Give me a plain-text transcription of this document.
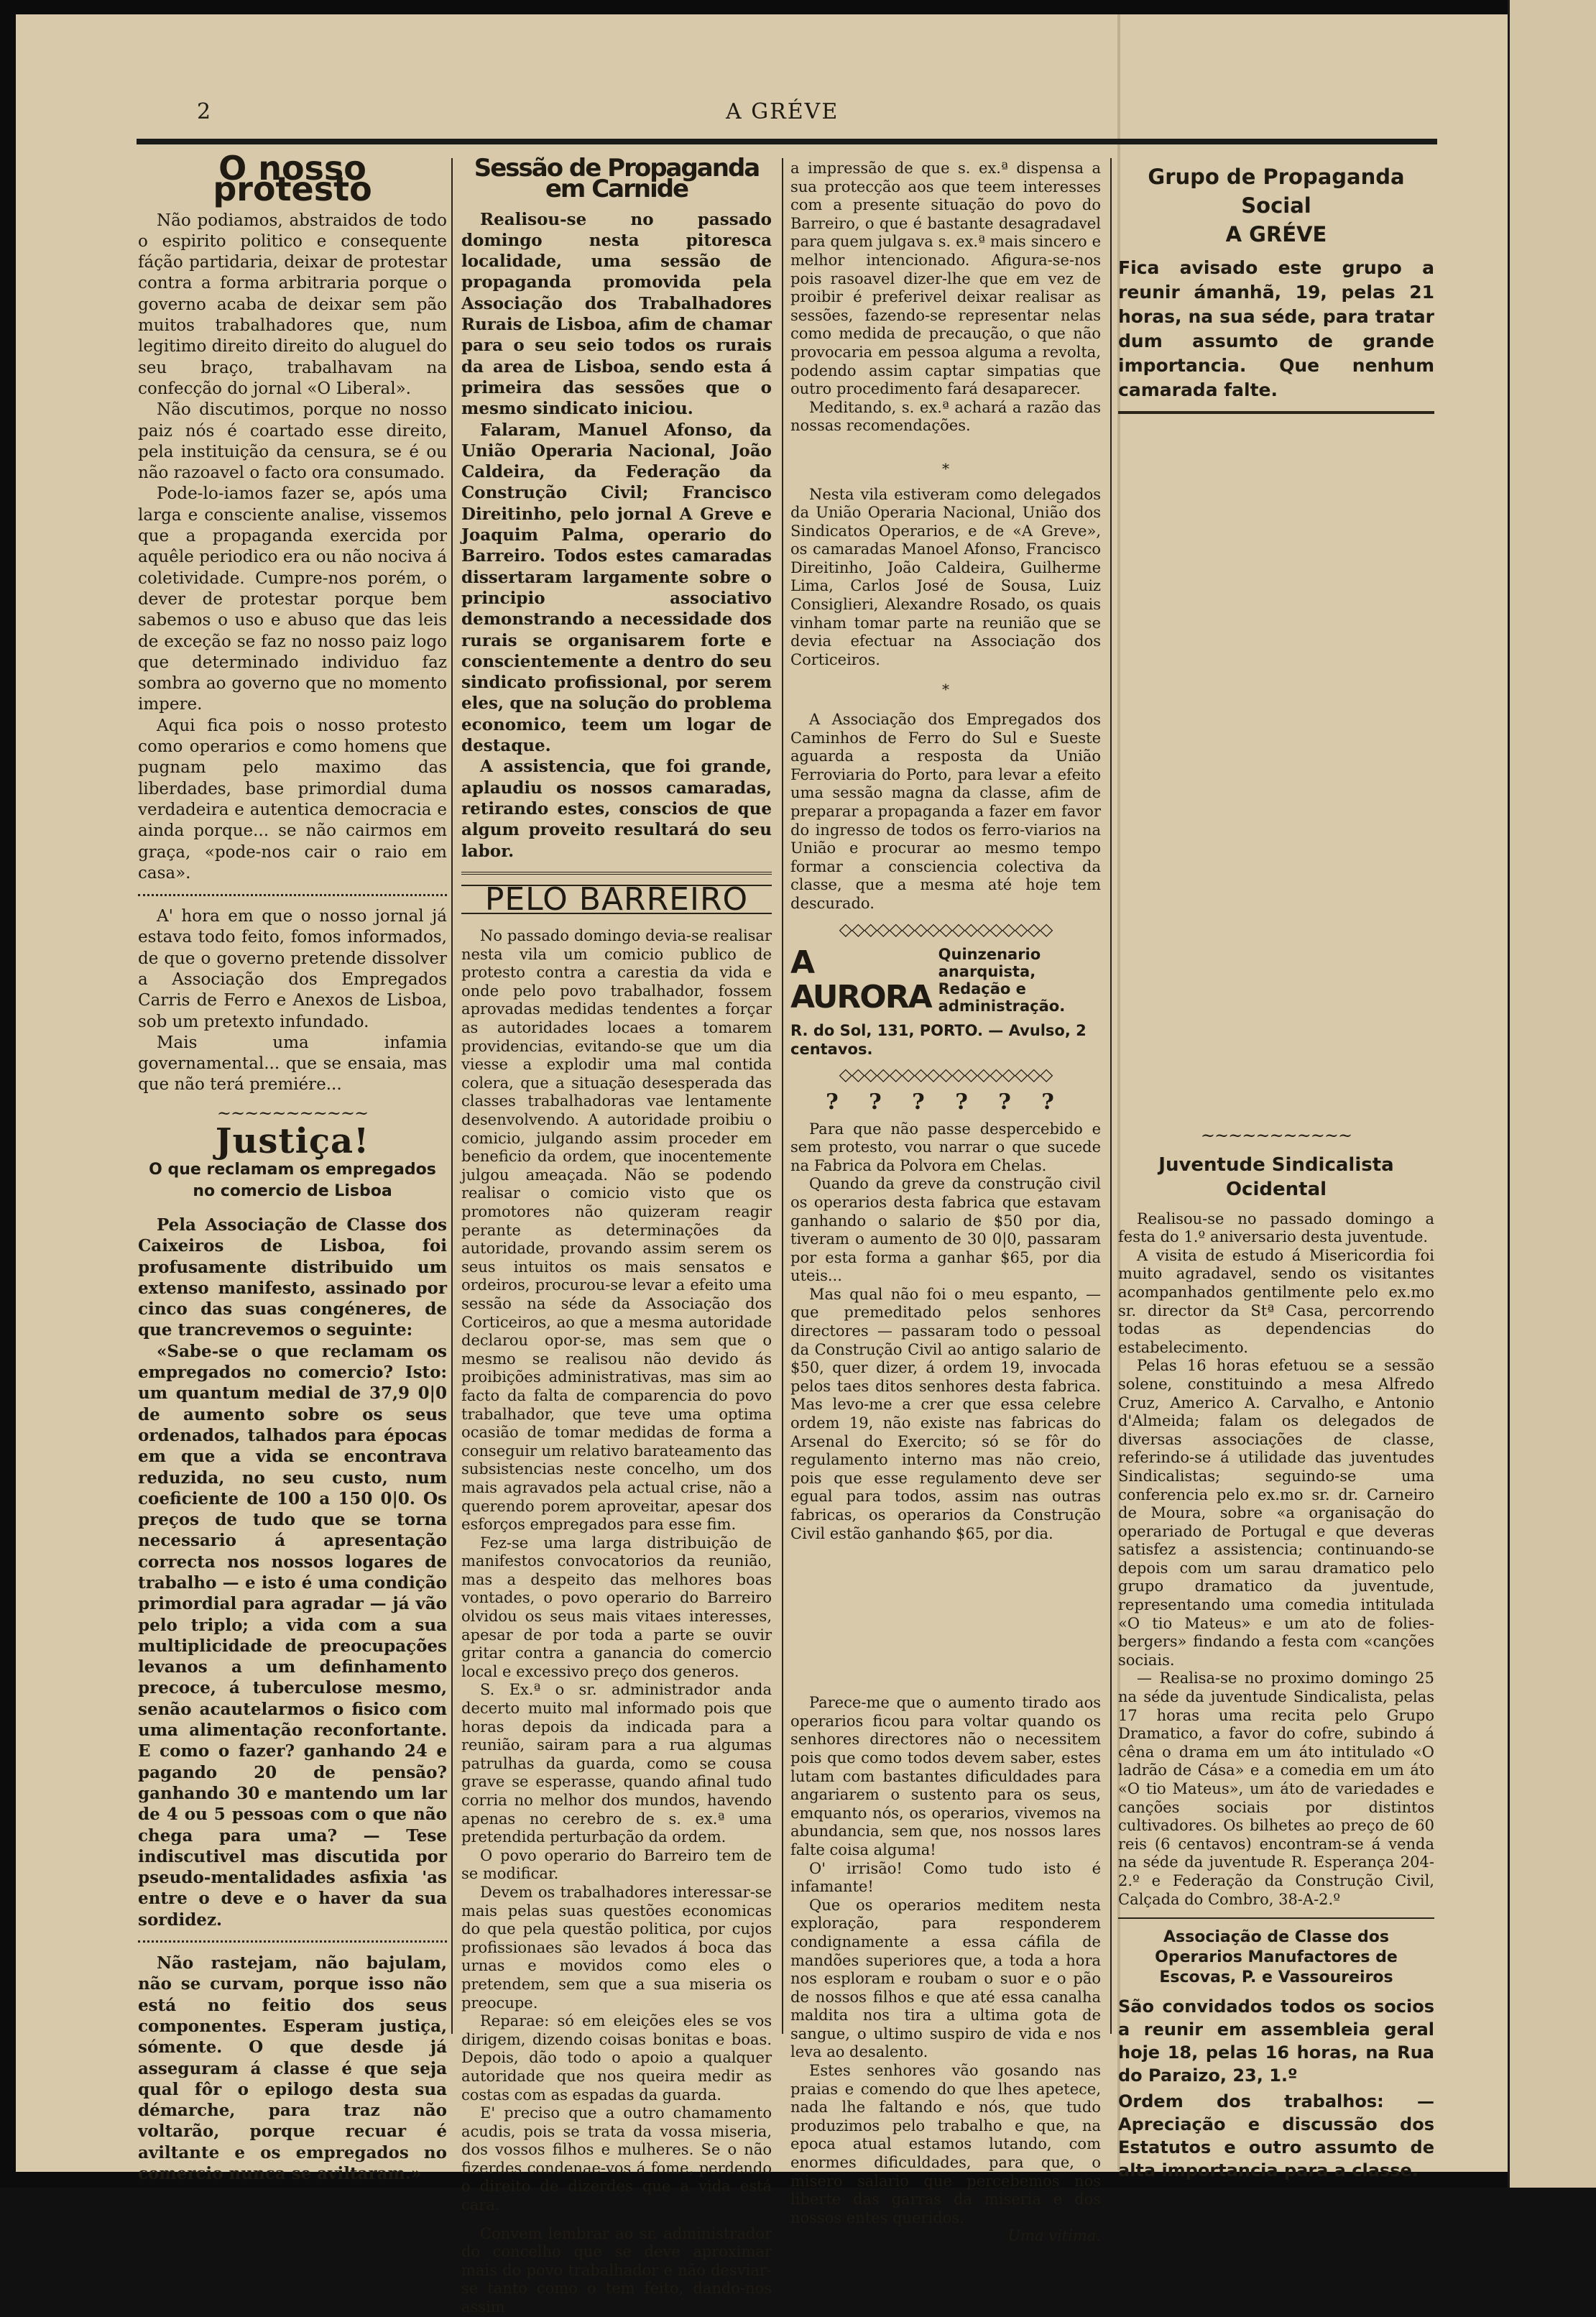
2	A GRÉVE
O nosso protesto

Não podiamos, abstraidos de todo o espirito politico e consequente fáção partidaria, deixar de protestar contra a forma arbitraria porque o governo acaba de deixar sem pão muitos trabalhadores que, num legitimo direito direito do aluguel do seu braço, trabalhavam na confecção do jornal «O Liberal».

Não discutimos, porque no nosso paiz nós é coartado esse direito, pela instituição da censura, se é ou não razoavel o facto ora consumado.

Pode-lo-iamos fazer se, após uma larga e consciente analise, vissemos que a propaganda exercida por aquêle periodico era ou não nociva á coletividade. Cumpre-nos porém, o dever de protestar porque bem sabemos o uso e abuso que das leis de exceção se faz no nosso paiz logo que determinado individuo faz sombra ao governo que no momento impere.

Aqui fica pois o nosso protesto como operarios e como homens que pugnam pelo maximo das liberdades, base primordial duma verdadeira e autentica democracia e ainda porque... se não cairmos em graça, «pode-nos cair o raio em casa».

A' hora em que o nosso jornal já estava todo feito, fomos informados, de que o governo pretende dissolver a Associação dos Empregados Carris de Ferro e Anexos de Lisboa, sob um pretexto infundado.

Mais uma infamia governamental... que se ensaia, mas que não terá premiére...

~~~~~~~~~~~
Justiça!
O que reclamam os empregados no comercio de Lisboa

Pela Associação de Classe dos Caixeiros de Lisboa, foi profusamente distribuido um extenso manifesto, assinado por cinco das suas congéneres, de que trancrevemos o seguinte:

«Sabe-se o que reclamam os empregados no comercio? Isto: um quantum medial de 37,9 0|0 de aumento sobre os seus ordenados, talhados para épocas em que a vida se encontrava reduzida, no seu custo, num coeficiente de 100 a 150 0|0. Os preços de tudo que se torna necessario á apresentação correcta nos nossos logares de trabalho — e isto é uma condição primordial para agradar — já vão pelo triplo; a vida com a sua multiplicidade de preocupações levanos a um definhamento precoce, á tuberculose mesmo, senão acautelarmos o fisico com uma alimentação reconfortante. E como o fazer? ganhando 24 e pagando 20 de pensão? ganhando 30 e mantendo um lar de 4 ou 5 pessoas com o que não chega para uma? — Tese indiscutivel mas discutida por pseudo-mentalidades asfixia 'as entre o deve e o haver da sua sordidez.

Não rastejam, não bajulam, não se curvam, porque isso não está no feitio dos seus componentes. Esperam justiça, sómente. O que desde já asseguram á classe é que seja qual fôr o epilogo desta sua démarche, para traz não voltarão, porque recuar é aviltante e os empregados no comercio nunca se aviltaram.»

Sessão de Propaganda em Carnide

Realisou-se no passado domingo nesta pitoresca localidade, uma sessão de propaganda promovida pela Associação dos Trabalhadores Rurais de Lisboa, afim de chamar para o seu seio todos os rurais da area de Lisboa, sendo esta á primeira das sessões que o mesmo sindicato iniciou.

Falaram, Manuel Afonso, da União Operaria Nacional, João Caldeira, da Federação da Construção Civil; Francisco Direitinho, pelo jornal A Greve e Joaquim Palma, operario do Barreiro. Todos estes camaradas dissertaram largamente sobre o principio associativo demonstrando a necessidade dos rurais se organisarem forte e conscientemente a dentro do seu sindicato profissional, por serem eles, que na solução do problema economico, teem um logar de destaque.

A assistencia, que foi grande, aplaudiu os nossos camaradas, retirando estes, conscios de que algum proveito resultará do seu labor.

PELO BARREIRO

No passado domingo devia-se realisar nesta vila um comicio publico de protesto contra a carestia da vida e onde pelo povo trabalhador, fossem aprovadas medidas tendentes a forçar as autoridades locaes a tomarem providencias, evitando-se que um dia viesse a explodir uma mal contida colera, que a situação desesperada das classes trabalhadoras vae lentamente desenvolvendo. A autoridade proibiu o comicio, julgando assim proceder em beneficio da ordem, que inocentemente julgou ameaçada. Não se podendo realisar o comicio visto que os promotores não quizeram reagir perante as determinações da autoridade, provando assim serem os seus intuitos os mais sensatos e ordeiros, procurou-se levar a efeito uma sessão na séde da Associação dos Corticeiros, ao que a mesma autoridade declarou opor-se, mas sem que o mesmo se realisou não devido ás proibições administrativas, mas sim ao facto da falta de comparencia do povo trabalhador, que teve uma optima ocasião de tomar medidas de forma a conseguir um relativo barateamento das subsistencias neste concelho, um dos mais agravados pela actual crise, não a querendo porem aproveitar, apesar dos esforços empregados para esse fim.

Fez-se uma larga distribuição de manifestos convocatorios da reunião, mas a despeito das melhores boas vontades, o povo operario do Barreiro olvidou os seus mais vitaes interesses, apesar de por toda a parte se ouvir gritar contra a ganancia do comercio local e excessivo preço dos generos.

S. Ex.ª o sr. administrador anda decerto muito mal informado pois que horas depois da indicada para a reunião, sairam para a rua algumas patrulhas da guarda, como se cousa grave se esperasse, quando afinal tudo corria no melhor dos mundos, havendo apenas no cerebro de s. ex.ª uma pretendida perturbação da ordem.

O povo operario do Barreiro tem de se modificar.

Devem os trabalhadores interessar-se mais pelas suas questões economicas do que pela questão politica, por cujos profissionaes são levados á boca das urnas e movidos como eles o pretendem, sem que a sua miseria os preocupe.

Reparae: só em eleições eles se vos dirigem, dizendo coisas bonitas e boas. Depois, dão todo o apoio a qualquer autoridade que nos queira medir as costas com as espadas da guarda.

E' preciso que a outro chamamento acudis, pois se trata da vossa miseria, dos vossos filhos e mulheres. Se o não fizerdes condenae-vos á fome, perdendo o direito de dizerdes que a vida está cara.

Convem lembrar ao sr. administrador do concelho que se deve aproximar mais do povo trabalhador e não desviar-se tanto como o tem feito, dando-nos assim

a impressão de que s. ex.ª dispensa a sua protecção aos que teem interesses com a presente situação do povo do Barreiro, o que é bastante desagradavel para quem julgava s. ex.ª mais sincero e melhor intencionado. Afigura-se-nos pois rasoavel dizer-lhe que em vez de proibir é preferivel deixar realisar as sessões, fazendo-se representar nelas como medida de precaução, o que não provocaria em pessoa alguma a revolta, podendo assim captar simpatias que outro procedimento fará desaparecer.

Meditando, s. ex.ª achará a razão das nossas recomendações.

*

Nesta vila estiveram como delegados da União Operaria Nacional, União dos Sindicatos Operarios, e de «A Greve», os camaradas Manoel Afonso, Francisco Direitinho, João Caldeira, Guilherme Lima, Carlos José de Sousa, Luiz Consiglieri, Alexandre Rosado, os quais vinham tomar parte na reunião que se devia efectuar na Associação dos Corticeiros.

*

A Associação dos Empregados dos Caminhos de Ferro do Sul e Sueste aguarda a resposta da União Ferroviaria do Porto, para levar a efeito uma sessão magna da classe, afim de preparar a propaganda a fazer em favor do ingresso de todos os ferro-viarios na União e procurar ao mesmo tempo formar a consciencia colectiva da classe, que a mesma até hoje tem descurado.

◇◇◇◇◇◇◇◇◇◇◇◇◇◇◇◇◇
A AURORA
Quinzenario anarquista,
Redação e administração.
R. do Sol, 131, PORTO. — Avulso, 2 centavos.
◇◇◇◇◇◇◇◇◇◇◇◇◇◇◇◇◇
? ? ? ? ? ?

Para que não passe despercebido e sem protesto, vou narrar o que sucede na Fabrica da Polvora em Chelas.

Quando da greve da construção civil os operarios desta fabrica que estavam ganhando o salario de $50 por dia, tiveram o aumento de 30 0|0, passaram por esta forma a ganhar $65, por dia uteis...

Mas qual não foi o meu espanto, — que premeditado pelos senhores directores — passaram todo o pessoal da Construção Civil ao antigo salario de $50, quer dizer, á ordem 19, invocada pelos taes ditos senhores desta fabrica. Mas levo-me a crer que essa celebre ordem 19, não existe nas fabricas do Arsenal do Exercito; só se fôr do regulamento interno mas não creio, pois que esse regulamento deve ser egual para todos, assim nas outras fabricas, os operarios da Construção Civil estão ganhando $65, por dia.

Parece-me que o aumento tirado aos operarios ficou para voltar quando os senhores directores não o necessitem pois que como todos devem saber, estes lutam com bastantes dificuldades para angariarem o sustento para os seus, emquanto nós, os operarios, vivemos na abundancia, sem que, nos nossos lares falte coisa alguma!

O' irrisão! Como tudo isto é infamante!

Que os operarios meditem nesta exploração, para responderem condignamente a essa cáfila de mandões superiores que, a toda a hora nos esploram e roubam o suor e o pão de nossos filhos e que até essa canalha maldita nos tira a ultima gota de sangue, o ultimo suspiro de vida e nos leva ao desalento.

Estes senhores vão gosando nas praias e comendo do que lhes apetece, nada lhe faltando e nós, que tudo produzimos pelo trabalho e que, na epoca atual estamos lutando, com enormes dificuldades, para que, o misero salario que percebemos nos liberte das garras da miseria e dos nossos entes queridos.

Uma vitima.
Grupo de Propaganda Social
A GRÉVE
Fica avisado este grupo a reunir ámanhã, 19, pelas 21 horas, na sua séde, para tratar dum assumto de grande importancia. Que nenhum camarada falte.
~~~~~~~~~~~
Juventude Sindicalista
Ocidental

Realisou-se no passado domingo a festa do 1.º aniversario desta juventude.

A visita de estudo á Misericordia foi muito agradavel, sendo os visitantes acompanhados gentilmente pelo ex.mo sr. director da Stª Casa, percorrendo todas as dependencias do estabelecimento.

Pelas 16 horas efetuou se a sessão solene, constituindo a mesa Alfredo Cruz, Americo A. Carvalho, e Antonio d'Almeida; falam os delegados de diversas associações de classe, referindo-se á utilidade das juventudes Sindicalistas; seguindo-se uma conferencia pelo ex.mo sr. dr. Carneiro de Moura, sobre «a organisação do operariado de Portugal e que deveras satisfez a assistencia; continuando-se depois com um sarau dramatico pelo grupo dramatico da juventude, representando uma comedia intitulada «O tio Mateus» e um ato de folies-bergers» findando a festa com «canções sociais.

— Realisa-se no proximo domingo 25 na séde da juventude Sindicalista, pelas 17 horas uma recita pelo Grupo Dramatico, a favor do cofre, subindo á cêna o drama em um áto intitulado «O ladrão de Cása» e a comedia em um áto «O tio Mateus», um áto de variedades e canções sociais por distintos cultivadores. Os bilhetes ao preço de 60 reis (6 centavos) encontram-se á venda na séde da juventude R. Esperança 204-2.º e Federação da Construção Civil, Calçada do Combro, 38-A-2.º

Associação de Classe dos Operarios Manufactores de Escovas, P. e Vassoureiros
São convidados todos os socios a reunir em assembleia geral hoje 18, pelas 16 horas, na Rua do Paraizo, 23, 1.º
Ordem dos trabalhos: — Apreciação e discussão dos Estatutos e outro assumto de alta importancia para a classe.
